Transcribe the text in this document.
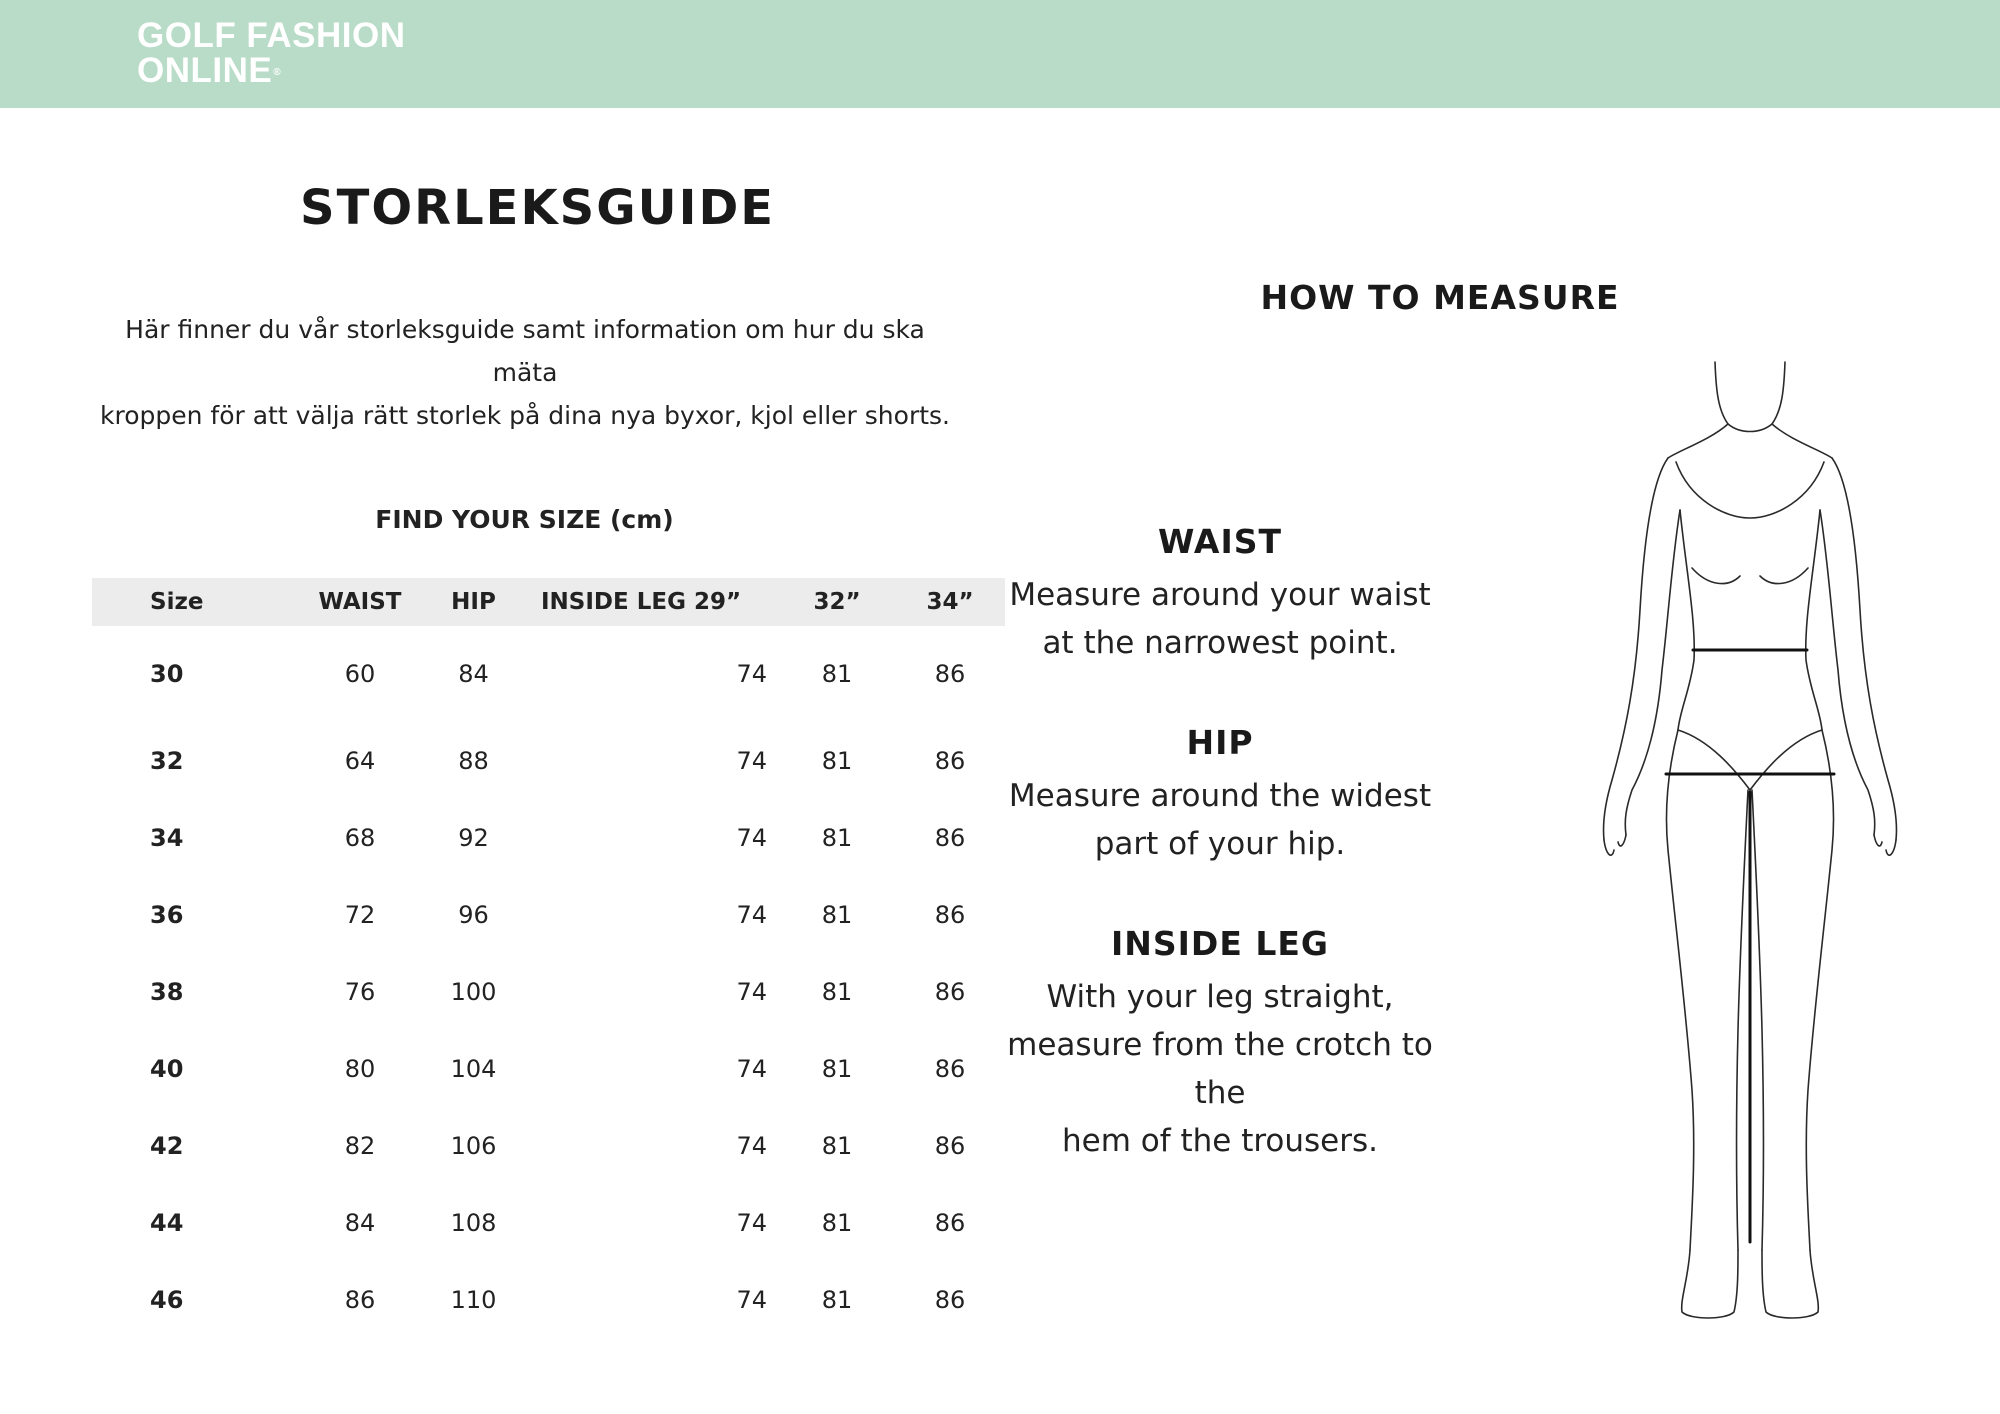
GOLF FASHION
ONLINE®
STORLEKSGUIDE
Här finner du vår storleksguide samt information om hur du ska mäta
kroppen för att välja rätt storlek på dina nya byxor, kjol eller shorts.
FIND YOUR SIZE (cm)
Size	WAIST	HIP	INSIDE LEG 29”	32”	34”
30	60	84	74	81	86
32	64	88	74	81	86
34	68	92	74	81	86
36	72	96	74	81	86
38	76	100	74	81	86
40	80	104	74	81	86
42	82	106	74	81	86
44	84	108	74	81	86
46	86	110	74	81	86
HOW TO MEASURE
WAIST
Measure around your waist
at the narrowest point.
HIP
Measure around the widest
part of your hip.
INSIDE LEG
With your leg straight,
measure from the crotch to the
hem of the trousers.
